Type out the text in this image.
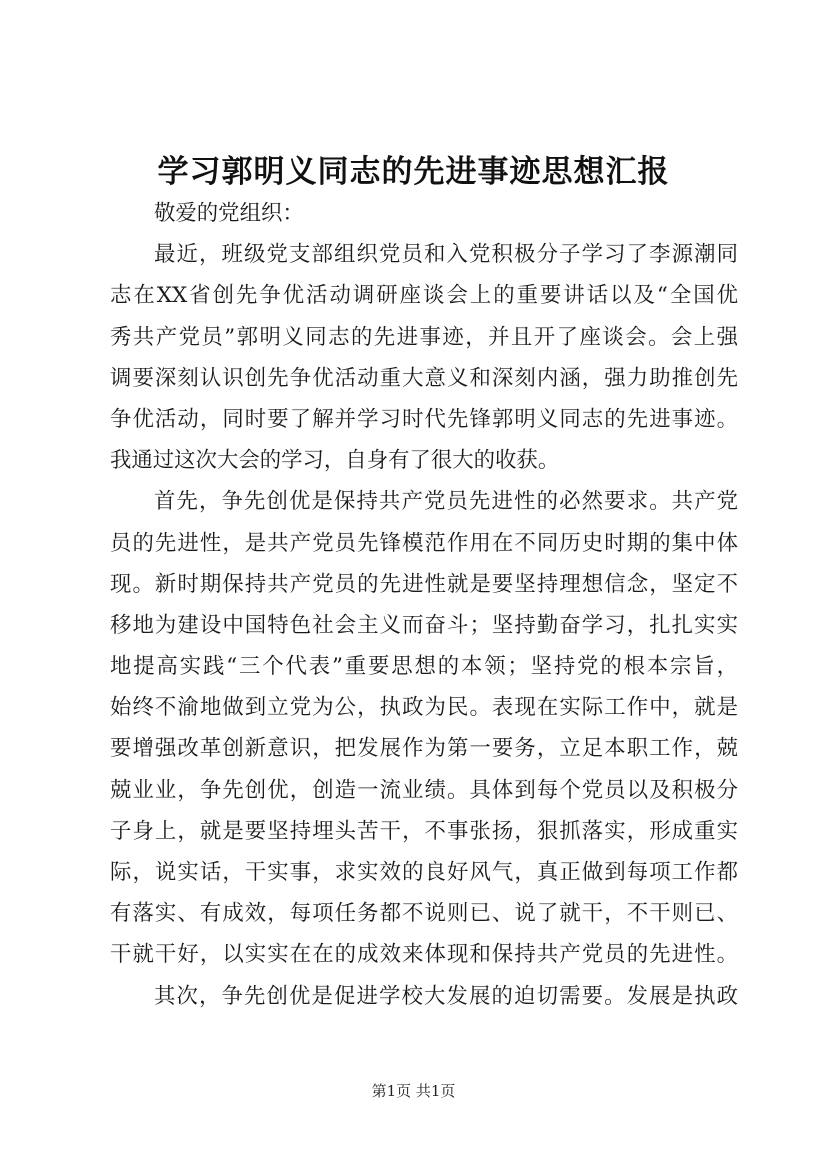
学习郭明义同志的先进事迹思想汇报
敬爱的党组织：
最近，班级党支部组织党员和入党积极分子学习了李源潮同
志在XX省创先争优活动调研座谈会上的重要讲话以及“全国优
秀共产党员”郭明义同志的先进事迹，并且开了座谈会。会上强
调要深刻认识创先争优活动重大意义和深刻内涵，强力助推创先
争优活动，同时要了解并学习时代先锋郭明义同志的先进事迹。
我通过这次大会的学习，自身有了很大的收获。
首先，争先创优是保持共产党员先进性的必然要求。共产党
员的先进性，是共产党员先锋模范作用在不同历史时期的集中体
现。新时期保持共产党员的先进性就是要坚持理想信念，坚定不
移地为建设中国特色社会主义而奋斗；坚持勤奋学习，扎扎实实
地提高实践“三个代表”重要思想的本领；坚持党的根本宗旨，
始终不渝地做到立党为公，执政为民。表现在实际工作中，就是
要增强改革创新意识，把发展作为第一要务，立足本职工作，兢
兢业业，争先创优，创造一流业绩。具体到每个党员以及积极分
子身上，就是要坚持埋头苦干，不事张扬，狠抓落实，形成重实
际，说实话，干实事，求实效的良好风气，真正做到每项工作都
有落实、有成效，每项任务都不说则已、说了就干，不干则已、
干就干好，以实实在在的成效来体现和保持共产党员的先进性。
其次，争先创优是促进学校大发展的迫切需要。发展是执政
第1页 共1页
